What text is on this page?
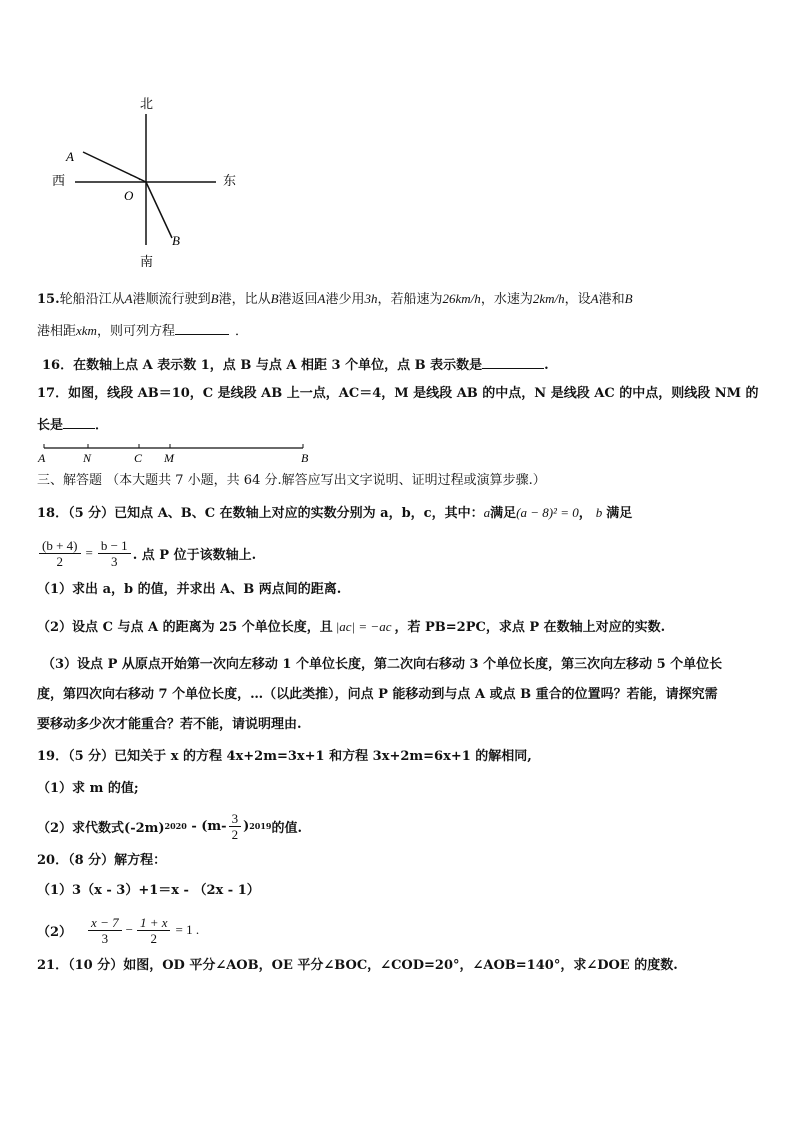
北
南
西	东
O
A
B
15.轮船沿江从A港顺流行驶到B港，比从B港返回A港少用3h，若船速为26km/h，水速为2km/h，设A港和B
港相距xkm，则可列方程	．
16．在数轴上点 A 表示数 1，点 B 与点 A 相距 3 个单位，点 B 表示数是	.
17．如图，线段 AB＝10，C 是线段 AB 上一点，AC＝4，M 是线段 AB 的中点，N 是线段 AC 的中点，则线段 NM 的
长是 ．
A	N	C M	B
三、解答题 （本大题共 7 小题，共 64 分.解答应写出文字说明、证明过程或演算步骤.）
18．（5 分）已知点 A、B、C 在数轴上对应的实数分别为 a，b，c，其中：a满足(a − 8)² = 0， b 满足
$\frac{(b + 4)}{2} = \frac{b - 1}{3}$ . 点 P 位于该数轴上.
（1）求出 a，b 的值，并求出 A、B 两点间的距离.
（2）设点 C 与点 A 的距离为 25 个单位长度，且 |ac| = −ac ，若 PB=2PC，求点 P 在数轴上对应的实数.
（3）设点 P 从原点开始第一次向左移动 1 个单位长度，第二次向右移动 3 个单位长度，第三次向左移动 5 个单位长
度，第四次向右移动 7 个单位长度，…（以此类推），问点 P 能移动到与点 A 或点 B 重合的位置吗？若能，请探究需
要移动多少次才能重合？若不能，请说明理由.
19．（5 分）已知关于 x 的方程 4x+2m=3x+1 和方程 3x+2m=6x+1 的解相同,
（1）求 m 的值;
（2）求代数式(-2m) $2020 - (m- \frac{3}{2}$ ) 2019 的值.
20．（8 分）解方程：
（1）3（x - 3）+1＝x - （2x - 1）
$(2) \frac{x - 7}{3} - \frac{1 + x}{2} = 1$ .
21．（10 分）如图，OD 平分∠AOB，OE 平分∠BOC，∠COD=20°，∠AOB=140°，求∠DOE 的度数.
